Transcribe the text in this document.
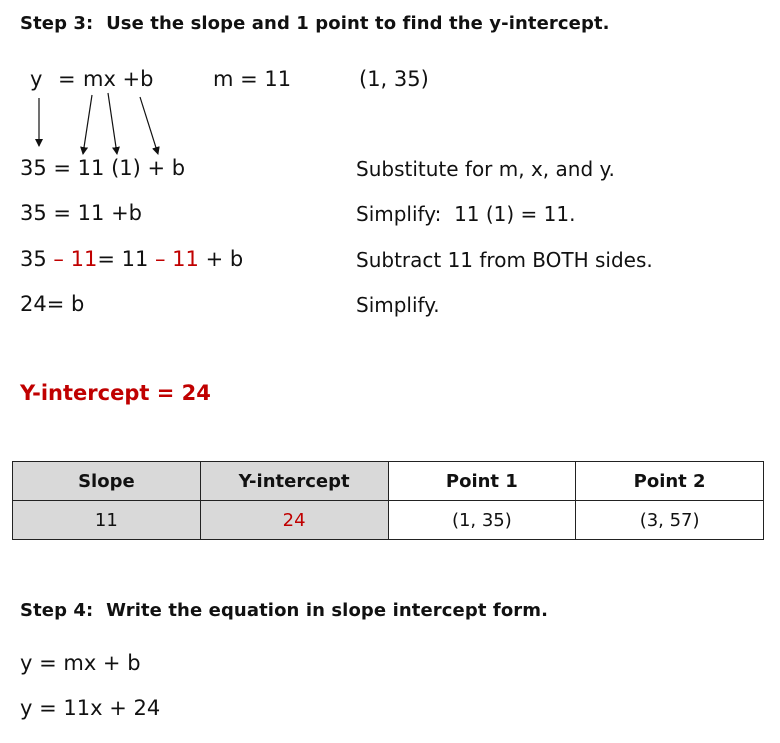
Step 3:  Use the slope and 1 point to find the y-intercept.
y = mx +b	m = 11	(1, 35)
35 = 11 (1) + b	Substitute for m, x, and y.
35 = 11 +b	Simplify:  11 (1) = 11.
35 – 11= 11 – 11 + b	Subtract 11 from BOTH sides.
24= b	Simplify.
Y-intercept = 24
Slope	Y-intercept	Point 1	Point 2
11	24	(1, 35)	(3, 57)
Step 4:  Write the equation in slope intercept form.
y = mx + b
y = 11x + 24
